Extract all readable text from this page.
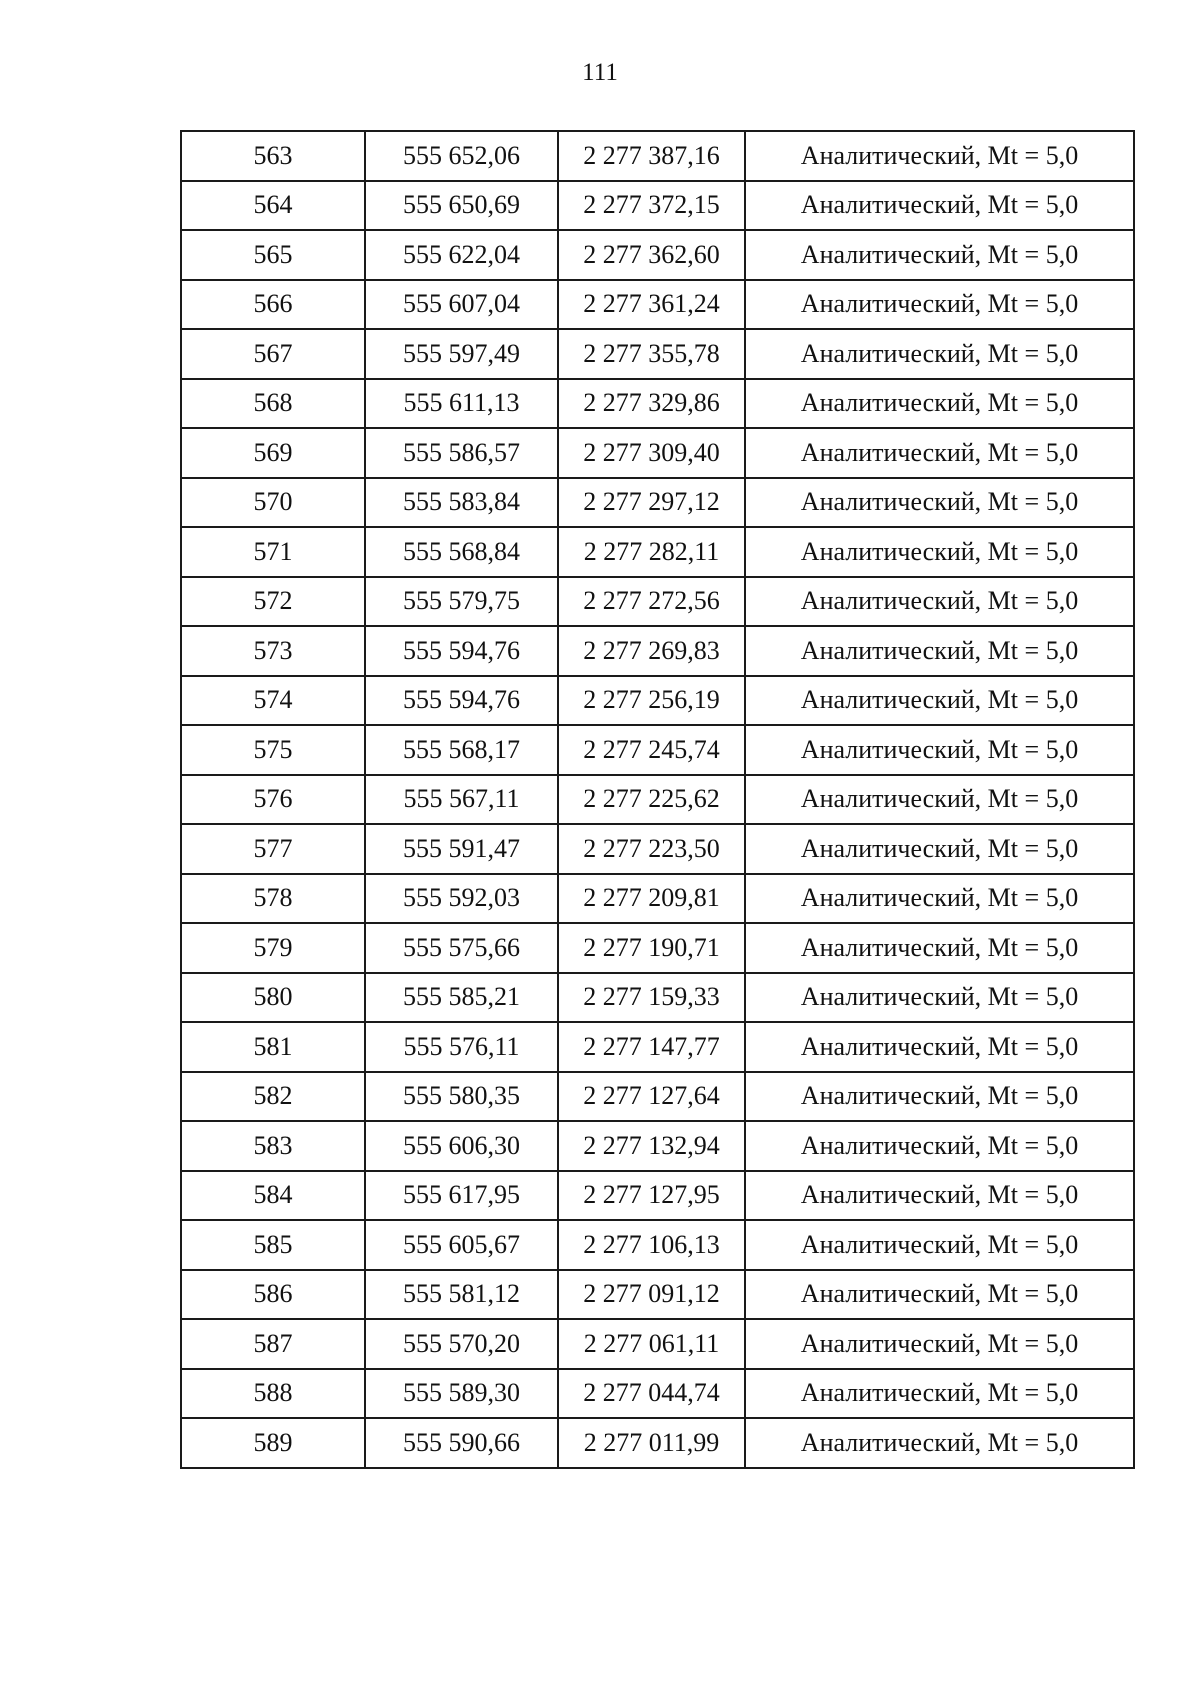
111
563	555 652,06	2 277 387,16	Аналитический, Mt = 5,0
564	555 650,69	2 277 372,15	Аналитический, Mt = 5,0
565	555 622,04	2 277 362,60	Аналитический, Mt = 5,0
566	555 607,04	2 277 361,24	Аналитический, Mt = 5,0
567	555 597,49	2 277 355,78	Аналитический, Mt = 5,0
568	555 611,13	2 277 329,86	Аналитический, Mt = 5,0
569	555 586,57	2 277 309,40	Аналитический, Mt = 5,0
570	555 583,84	2 277 297,12	Аналитический, Mt = 5,0
571	555 568,84	2 277 282,11	Аналитический, Mt = 5,0
572	555 579,75	2 277 272,56	Аналитический, Mt = 5,0
573	555 594,76	2 277 269,83	Аналитический, Mt = 5,0
574	555 594,76	2 277 256,19	Аналитический, Mt = 5,0
575	555 568,17	2 277 245,74	Аналитический, Mt = 5,0
576	555 567,11	2 277 225,62	Аналитический, Mt = 5,0
577	555 591,47	2 277 223,50	Аналитический, Mt = 5,0
578	555 592,03	2 277 209,81	Аналитический, Mt = 5,0
579	555 575,66	2 277 190,71	Аналитический, Mt = 5,0
580	555 585,21	2 277 159,33	Аналитический, Mt = 5,0
581	555 576,11	2 277 147,77	Аналитический, Mt = 5,0
582	555 580,35	2 277 127,64	Аналитический, Mt = 5,0
583	555 606,30	2 277 132,94	Аналитический, Mt = 5,0
584	555 617,95	2 277 127,95	Аналитический, Mt = 5,0
585	555 605,67	2 277 106,13	Аналитический, Mt = 5,0
586	555 581,12	2 277 091,12	Аналитический, Mt = 5,0
587	555 570,20	2 277 061,11	Аналитический, Mt = 5,0
588	555 589,30	2 277 044,74	Аналитический, Mt = 5,0
589	555 590,66	2 277 011,99	Аналитический, Mt = 5,0
